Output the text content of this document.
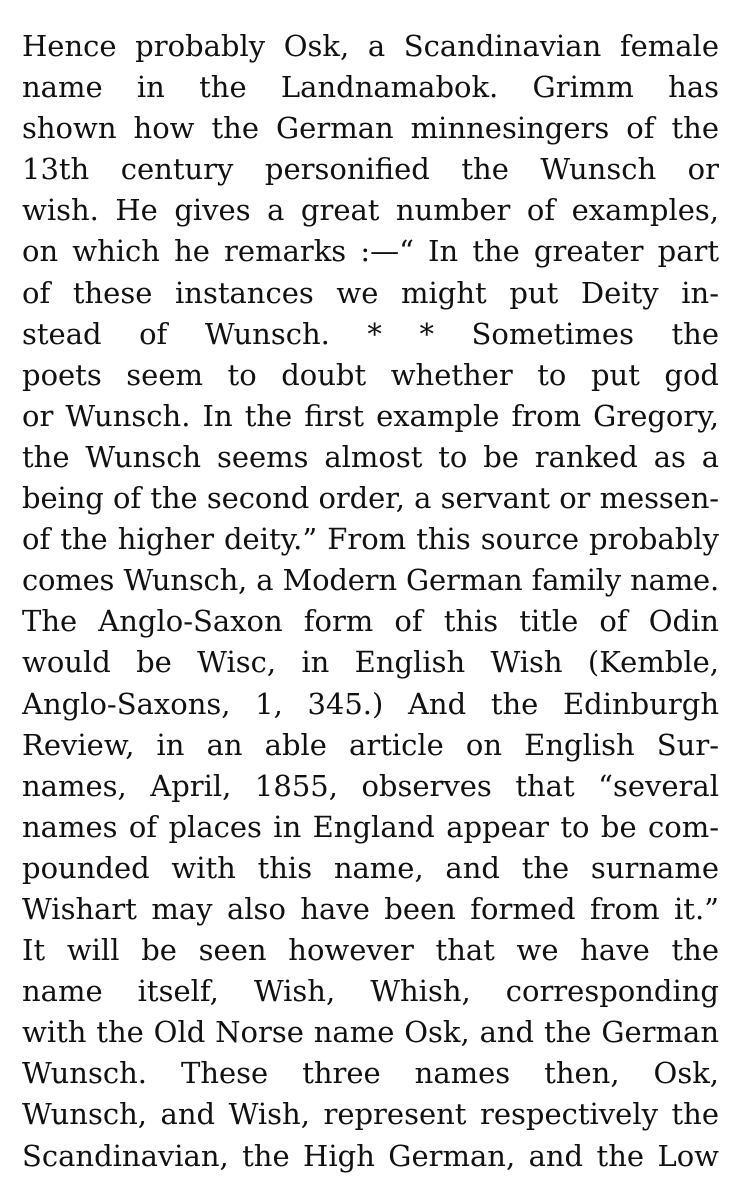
Hence probably Osk, a Scandinavian female
name in the Landnamabok. Grimm has
shown how the German minnesingers of the
13th century personified the Wunsch or
wish. He gives a great number of examples,
on which he remarks :—“ In the greater part
of these instances we might put Deity in-
stead of Wunsch. * * Sometimes the
poets seem to doubt whether to put god
or Wunsch. In the first example from Gregory,
the Wunsch seems almost to be ranked as a
being of the second order, a servant or messen-
of the higher deity.” From this source probably
comes Wunsch, a Modern German family name.
The Anglo-Saxon form of this title of Odin
would be Wisc, in English Wish (Kemble,
Anglo-Saxons, 1, 345.) And the Edinburgh
Review, in an able article on English Sur-
names, April, 1855, observes that “several
names of places in England appear to be com-
pounded with this name, and the surname
Wishart may also have been formed from it.”
It will be seen however that we have the
name itself, Wish, Whish, corresponding
with the Old Norse name Osk, and the German
Wunsch. These three names then, Osk,
Wunsch, and Wish, represent respectively the
Scandinavian, the High German, and the Low
